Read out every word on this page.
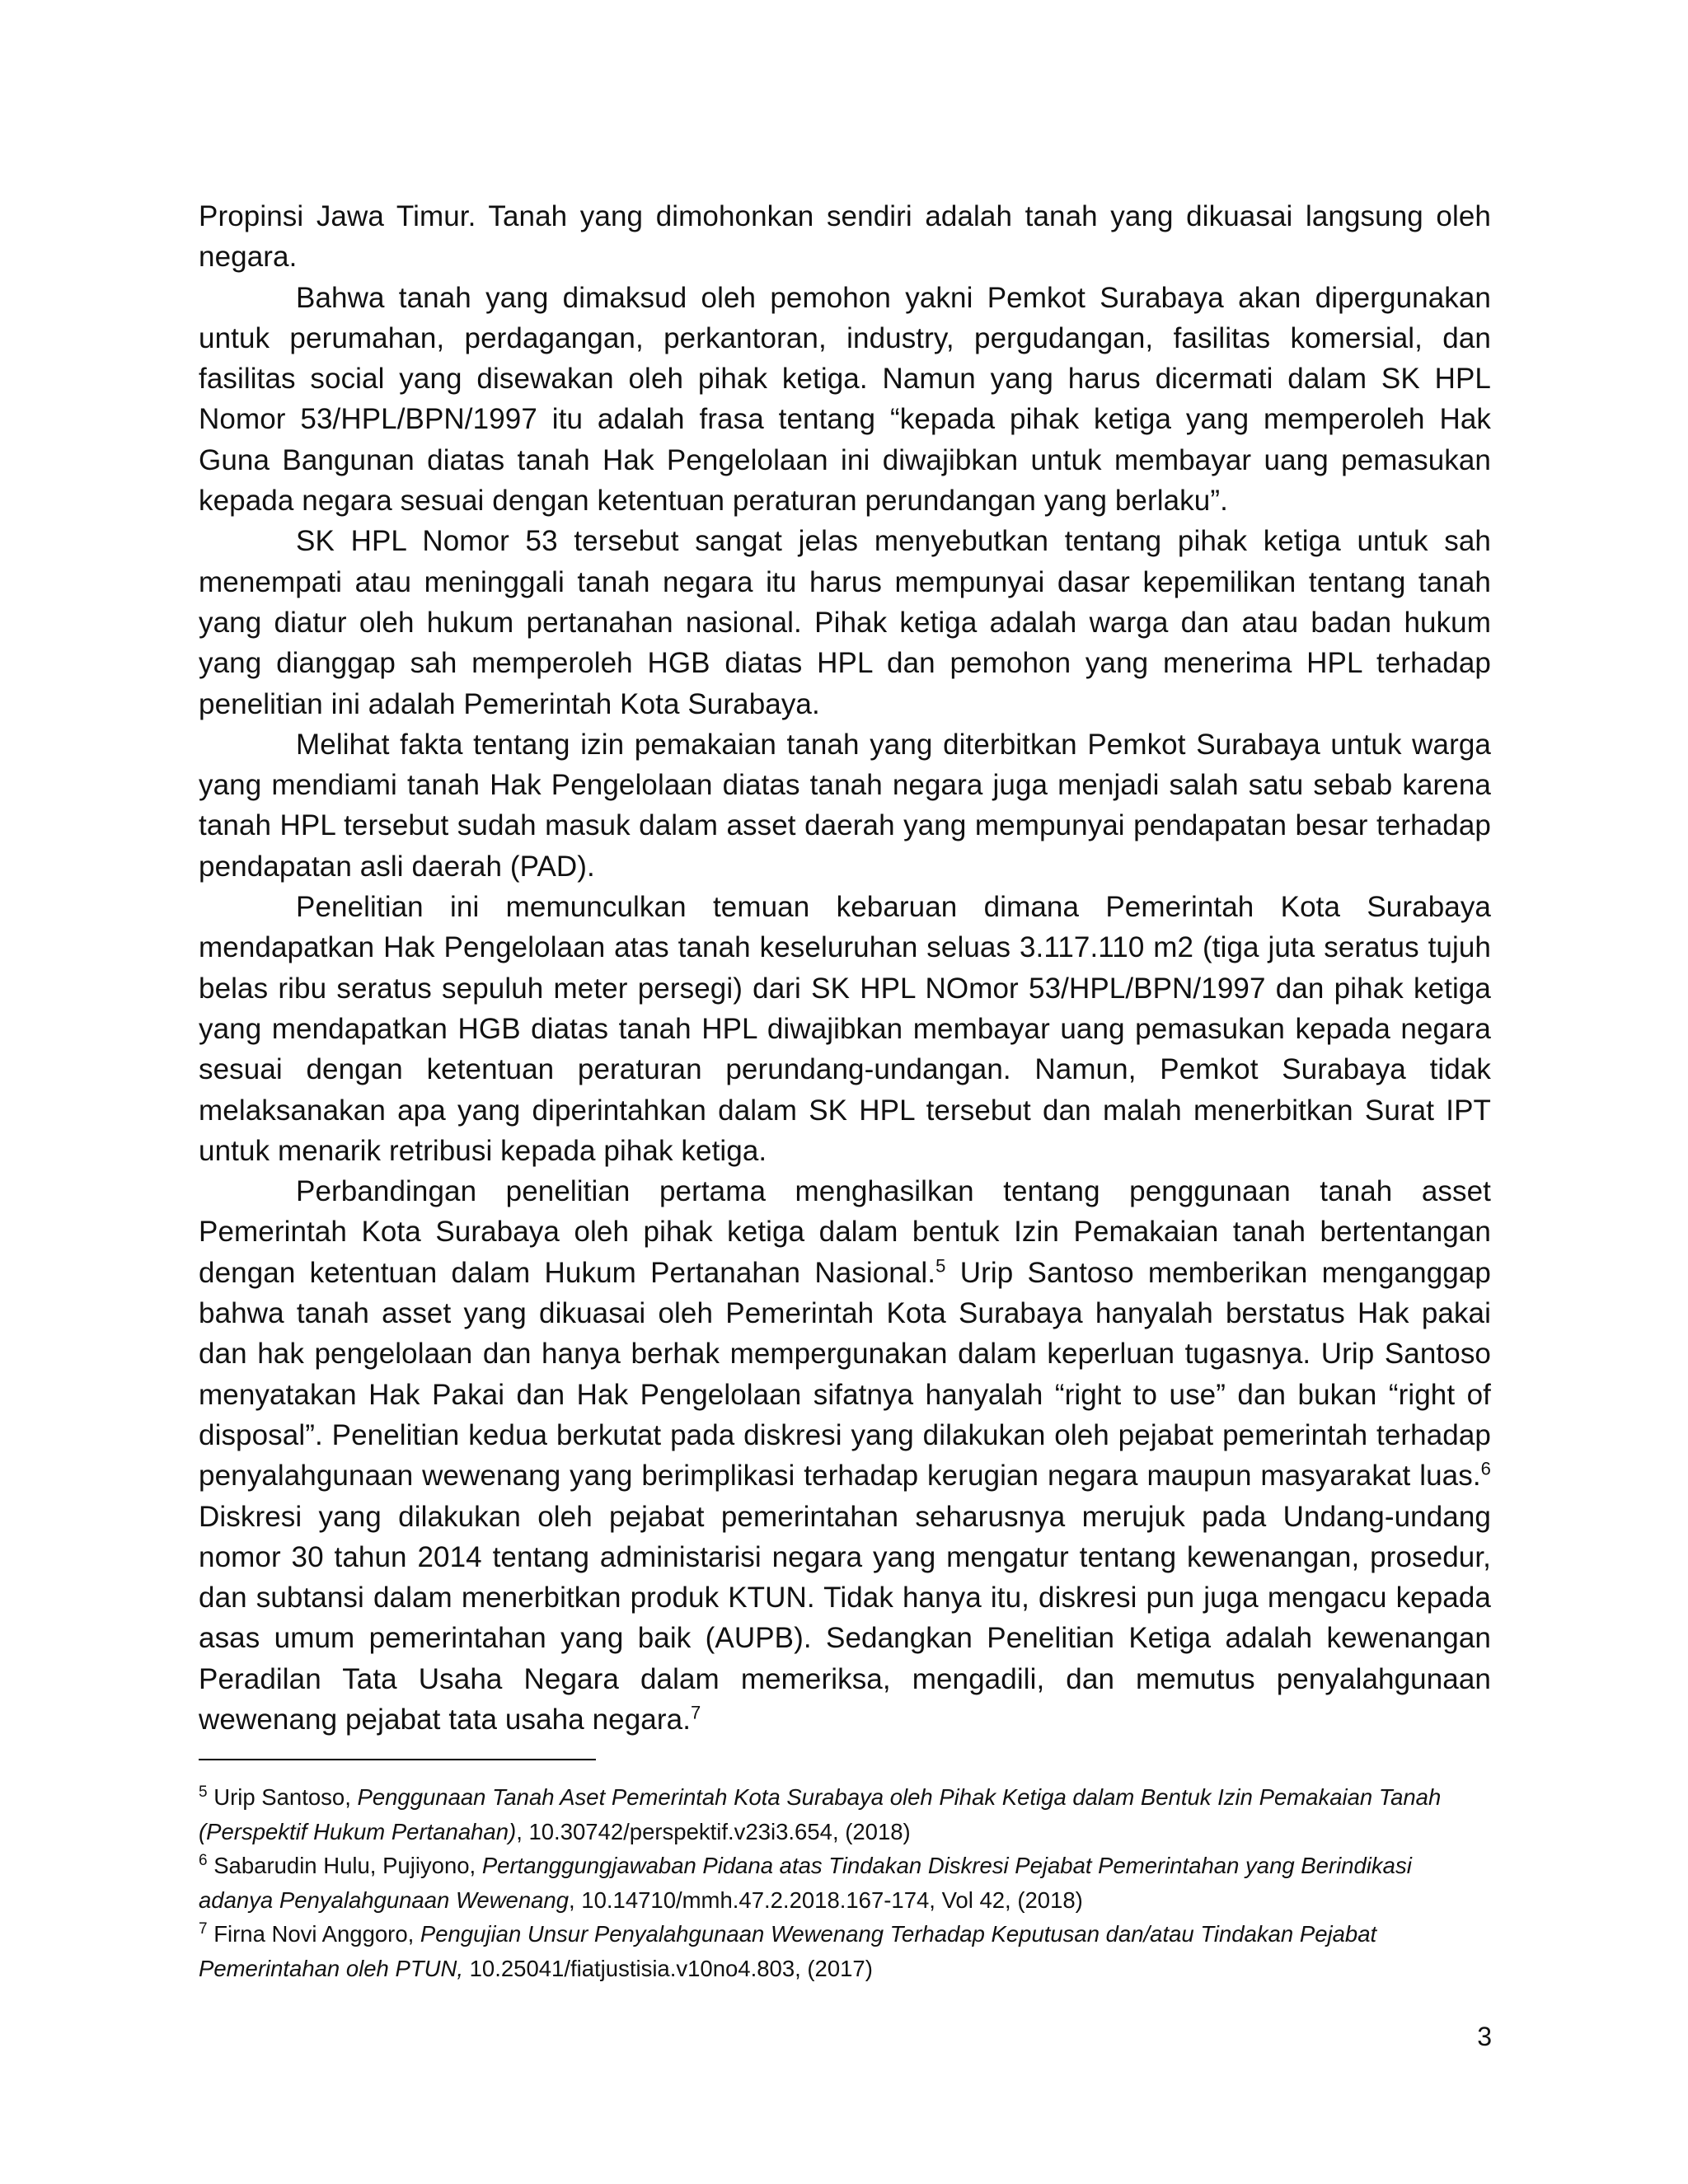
Propinsi Jawa Timur. Tanah yang dimohonkan sendiri adalah tanah yang dikuasai langsung oleh negara.

Bahwa tanah yang dimaksud oleh pemohon yakni Pemkot Surabaya akan dipergunakan untuk perumahan, perdagangan, perkantoran, industry, pergudangan, fasilitas komersial, dan fasilitas social yang disewakan oleh pihak ketiga. Namun yang harus dicermati dalam SK HPL Nomor 53/HPL/BPN/1997 itu adalah frasa tentang “kepada pihak ketiga yang memperoleh Hak Guna Bangunan diatas tanah Hak Pengelolaan ini diwajibkan untuk membayar uang pemasukan kepada negara sesuai dengan ketentuan peraturan perundangan yang berlaku”.

SK HPL Nomor 53 tersebut sangat jelas menyebutkan tentang pihak ketiga untuk sah menempati atau meninggali tanah negara itu harus mempunyai dasar kepemilikan tentang tanah yang diatur oleh hukum pertanahan nasional. Pihak ketiga adalah warga dan atau badan hukum yang dianggap sah memperoleh HGB diatas HPL dan pemohon yang menerima HPL terhadap penelitian ini adalah Pemerintah Kota Surabaya.

Melihat fakta tentang izin pemakaian tanah yang diterbitkan Pemkot Surabaya untuk warga yang mendiami tanah Hak Pengelolaan diatas tanah negara juga menjadi salah satu sebab karena tanah HPL tersebut sudah masuk dalam asset daerah yang mempunyai pendapatan besar terhadap pendapatan asli daerah (PAD).

Penelitian ini memunculkan temuan kebaruan dimana Pemerintah Kota Surabaya mendapatkan Hak Pengelolaan atas tanah keseluruhan seluas 3.117.110 m2 (tiga juta seratus tujuh belas ribu seratus sepuluh meter persegi) dari SK HPL NOmor 53/HPL/BPN/1997 dan pihak ketiga yang mendapatkan HGB diatas tanah HPL diwajibkan membayar uang pemasukan kepada negara sesuai dengan ketentuan peraturan perundang-undangan. Namun, Pemkot Surabaya tidak melaksanakan apa yang diperintahkan dalam SK HPL tersebut dan malah menerbitkan Surat IPT untuk menarik retribusi kepada pihak ketiga.

Perbandingan penelitian pertama menghasilkan tentang penggunaan tanah asset Pemerintah Kota Surabaya oleh pihak ketiga dalam bentuk Izin Pemakaian tanah bertentangan dengan ketentuan dalam Hukum Pertanahan Nasional.$^5$ Urip Santoso memberikan menganggap bahwa tanah asset yang dikuasai oleh Pemerintah Kota Surabaya hanyalah berstatus Hak pakai dan hak pengelolaan dan hanya berhak mempergunakan dalam keperluan tugasnya. Urip Santoso menyatakan Hak Pakai dan Hak Pengelolaan sifatnya hanyalah “right to use” dan bukan “right of disposal”. Penelitian kedua berkutat pada diskresi yang dilakukan oleh pejabat pemerintah terhadap penyalahgunaan wewenang yang berimplikasi terhadap kerugian negara maupun masyarakat luas.$^6$ Diskresi yang dilakukan oleh pejabat pemerintahan seharusnya merujuk pada Undang-undang nomor 30 tahun 2014 tentang administarisi negara yang mengatur tentang kewenangan, prosedur, dan subtansi dalam menerbitkan produk KTUN. Tidak hanya itu, diskresi pun juga mengacu kepada asas umum pemerintahan yang baik (AUPB). Sedangkan Penelitian Ketiga adalah kewenangan Peradilan Tata Usaha Negara dalam memeriksa, mengadili, dan memutus penyalahgunaan wewenang pejabat tata usaha negara.$^7$

$^5$ Urip Santoso, Penggunaan Tanah Aset Pemerintah Kota Surabaya oleh Pihak Ketiga dalam Bentuk Izin Pemakaian Tanah (Perspektif Hukum Pertanahan), 10.30742/perspektif.v23i3.654, (2018)

$^6$ Sabarudin Hulu, Pujiyono, Pertanggungjawaban Pidana atas Tindakan Diskresi Pejabat Pemerintahan yang Berindikasi adanya Penyalahgunaan Wewenang, 10.14710/mmh.47.2.2018.167-174, Vol 42, (2018)

$^7$ Firna Novi Anggoro, Pengujian Unsur Penyalahgunaan Wewenang Terhadap Keputusan dan/atau Tindakan Pejabat Pemerintahan oleh PTUN, 10.25041/fiatjustisia.v10no4.803, (2017)

3
